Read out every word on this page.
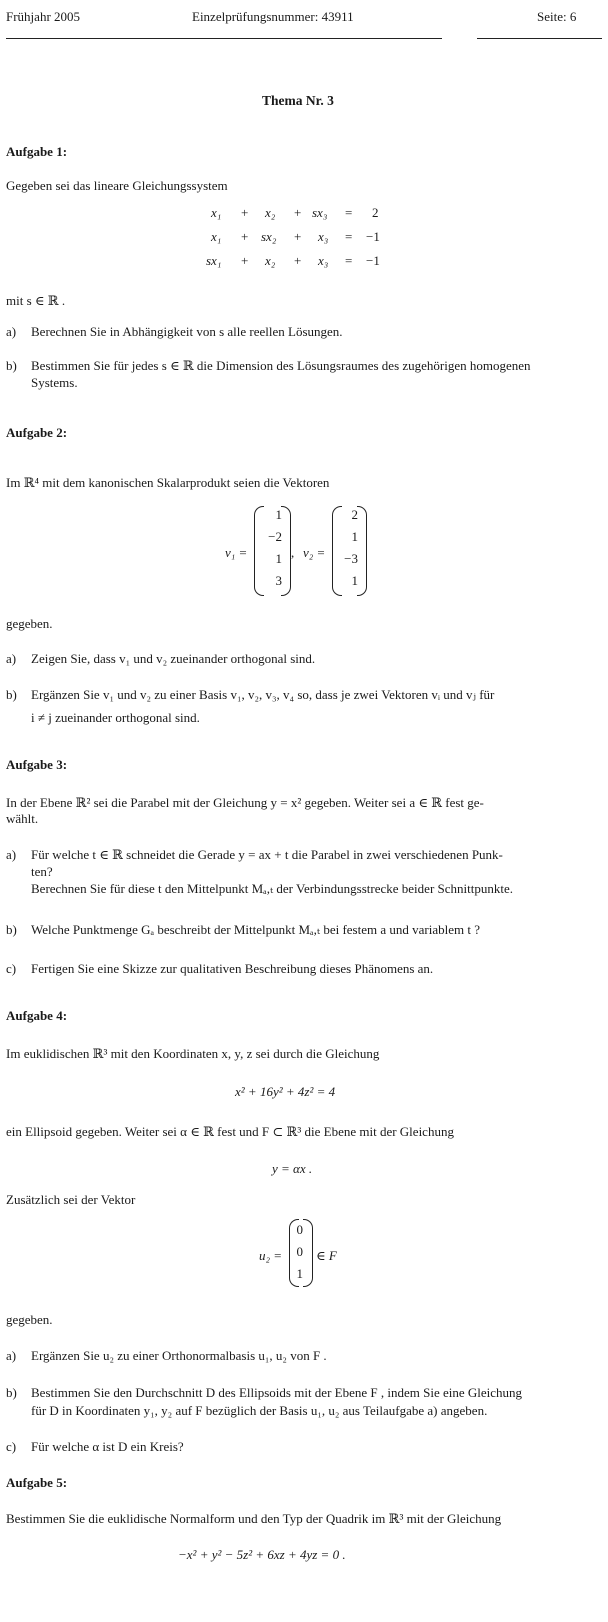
Frühjahr 2005	Einzelprüfungsnummer: 43911	Seite: 6
Thema Nr. 3
Aufgabe 1:
Gegeben sei das lineare Gleichungssystem
x₁ + x₂ + sx₃ = 2
x₁ + sx₂ + x₃ = −1
sx₁ + x₂ + x₃ = −1
mit s ∈ ℝ .
a) Berechnen Sie in Abhängigkeit von s alle reellen Lösungen.
b) Bestimmen Sie für jedes s ∈ ℝ die Dimension des Lösungsraumes des zugehörigen homogenen
Systems.
Aufgabe 2:
Im ℝ⁴ mit dem kanonischen Skalarprodukt seien die Vektoren
v₁ =
1
−2
1
3
, v₂ =
2
1
−3
1
gegeben.
a) Zeigen Sie, dass v₁ und v₂ zueinander orthogonal sind.
b) Ergänzen Sie v₁ und v₂ zu einer Basis v₁, v₂, v₃, v₄ so, dass je zwei Vektoren vᵢ und vⱼ für
i ≠ j zueinander orthogonal sind.
Aufgabe 3:
In der Ebene ℝ² sei die Parabel mit der Gleichung y = x² gegeben. Weiter sei a ∈ ℝ fest ge-
wählt.
a) Für welche t ∈ ℝ schneidet die Gerade y = ax + t die Parabel in zwei verschiedenen Punk-
ten?
Berechnen Sie für diese t den Mittelpunkt Mₐ,ₜ der Verbindungsstrecke beider Schnittpunkte.
b) Welche Punktmenge Gₐ beschreibt der Mittelpunkt Mₐ,ₜ bei festem a und variablem t ?
c) Fertigen Sie eine Skizze zur qualitativen Beschreibung dieses Phänomens an.
Aufgabe 4:
Im euklidischen ℝ³ mit den Koordinaten x, y, z sei durch die Gleichung
x² + 16y² + 4z² = 4
ein Ellipsoid gegeben. Weiter sei α ∈ ℝ fest und F ⊂ ℝ³ die Ebene mit der Gleichung
y = αx .
Zusätzlich sei der Vektor
u₂ =
0
0
1
∈ F
gegeben.
a) Ergänzen Sie u₂ zu einer Orthonormalbasis u₁, u₂ von F .
b) Bestimmen Sie den Durchschnitt D des Ellipsoids mit der Ebene F , indem Sie eine Gleichung
für D in Koordinaten y₁, y₂ auf F bezüglich der Basis u₁, u₂ aus Teilaufgabe a) angeben.
c) Für welche α ist D ein Kreis?
Aufgabe 5:
Bestimmen Sie die euklidische Normalform und den Typ der Quadrik im ℝ³ mit der Gleichung
−x² + y² − 5z² + 6xz + 4yz = 0 .
